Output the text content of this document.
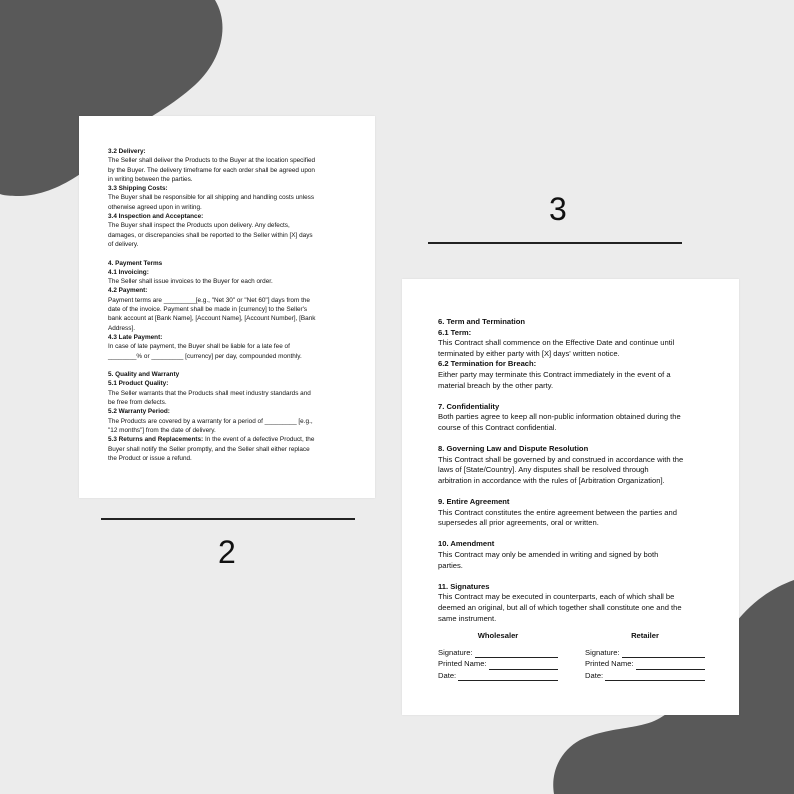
3.2 Delivery:
The Seller shall deliver the Products to the Buyer at the location specified
by the Buyer. The delivery timeframe for each order shall be agreed upon
in writing between the parties.
3.3 Shipping Costs:
The Buyer shall be responsible for all shipping and handling costs unless
otherwise agreed upon in writing.
3.4 Inspection and Acceptance:
The Buyer shall inspect the Products upon delivery. Any defects,
damages, or discrepancies shall be reported to the Seller within [X] days
of delivery.
4. Payment Terms
4.1 Invoicing:
The Seller shall issue invoices to the Buyer for each order.
4.2 Payment:
Payment terms are _________[e.g., "Net 30" or "Net 60"] days from the
date of the invoice. Payment shall be made in [currency] to the Seller's
bank account at [Bank Name], [Account Name], [Account Number], [Bank
Address].
4.3 Late Payment:
In case of late payment, the Buyer shall be liable for a late fee of
________% or _________ [currency] per day, compounded monthly.
5. Quality and Warranty
5.1 Product Quality:
The Seller warrants that the Products shall meet industry standards and
be free from defects.
5.2 Warranty Period:
The Products are covered by a warranty for a period of _________ [e.g.,
"12 months"] from the date of delivery.
5.3 Returns and Replacements: In the event of a defective Product, the
Buyer shall notify the Seller promptly, and the Seller shall either replace
the Product or issue a refund.
2
6. Term and Termination
6.1 Term:
This Contract shall commence on the Effective Date and continue until
terminated by either party with [X] days' written notice.
6.2 Termination for Breach:
Either party may terminate this Contract immediately in the event of a
material breach by the other party.
7. Confidentiality
Both parties agree to keep all non-public information obtained during the
course of this Contract confidential.
8. Governing Law and Dispute Resolution
This Contract shall be governed by and construed in accordance with the
laws of [State/Country]. Any disputes shall be resolved through
arbitration in accordance with the rules of [Arbitration Organization].
9. Entire Agreement
This Contract constitutes the entire agreement between the parties and
supersedes all prior agreements, oral or written.
10. Amendment
This Contract may only be amended in writing and signed by both
parties.
11. Signatures
This Contract may be executed in counterparts, each of which shall be
deemed an original, but all of which together shall constitute one and the
same instrument.
Wholesaler
Signature:
Printed Name:
Date:
Retailer
Signature:
Printed Name:
Date:
3
